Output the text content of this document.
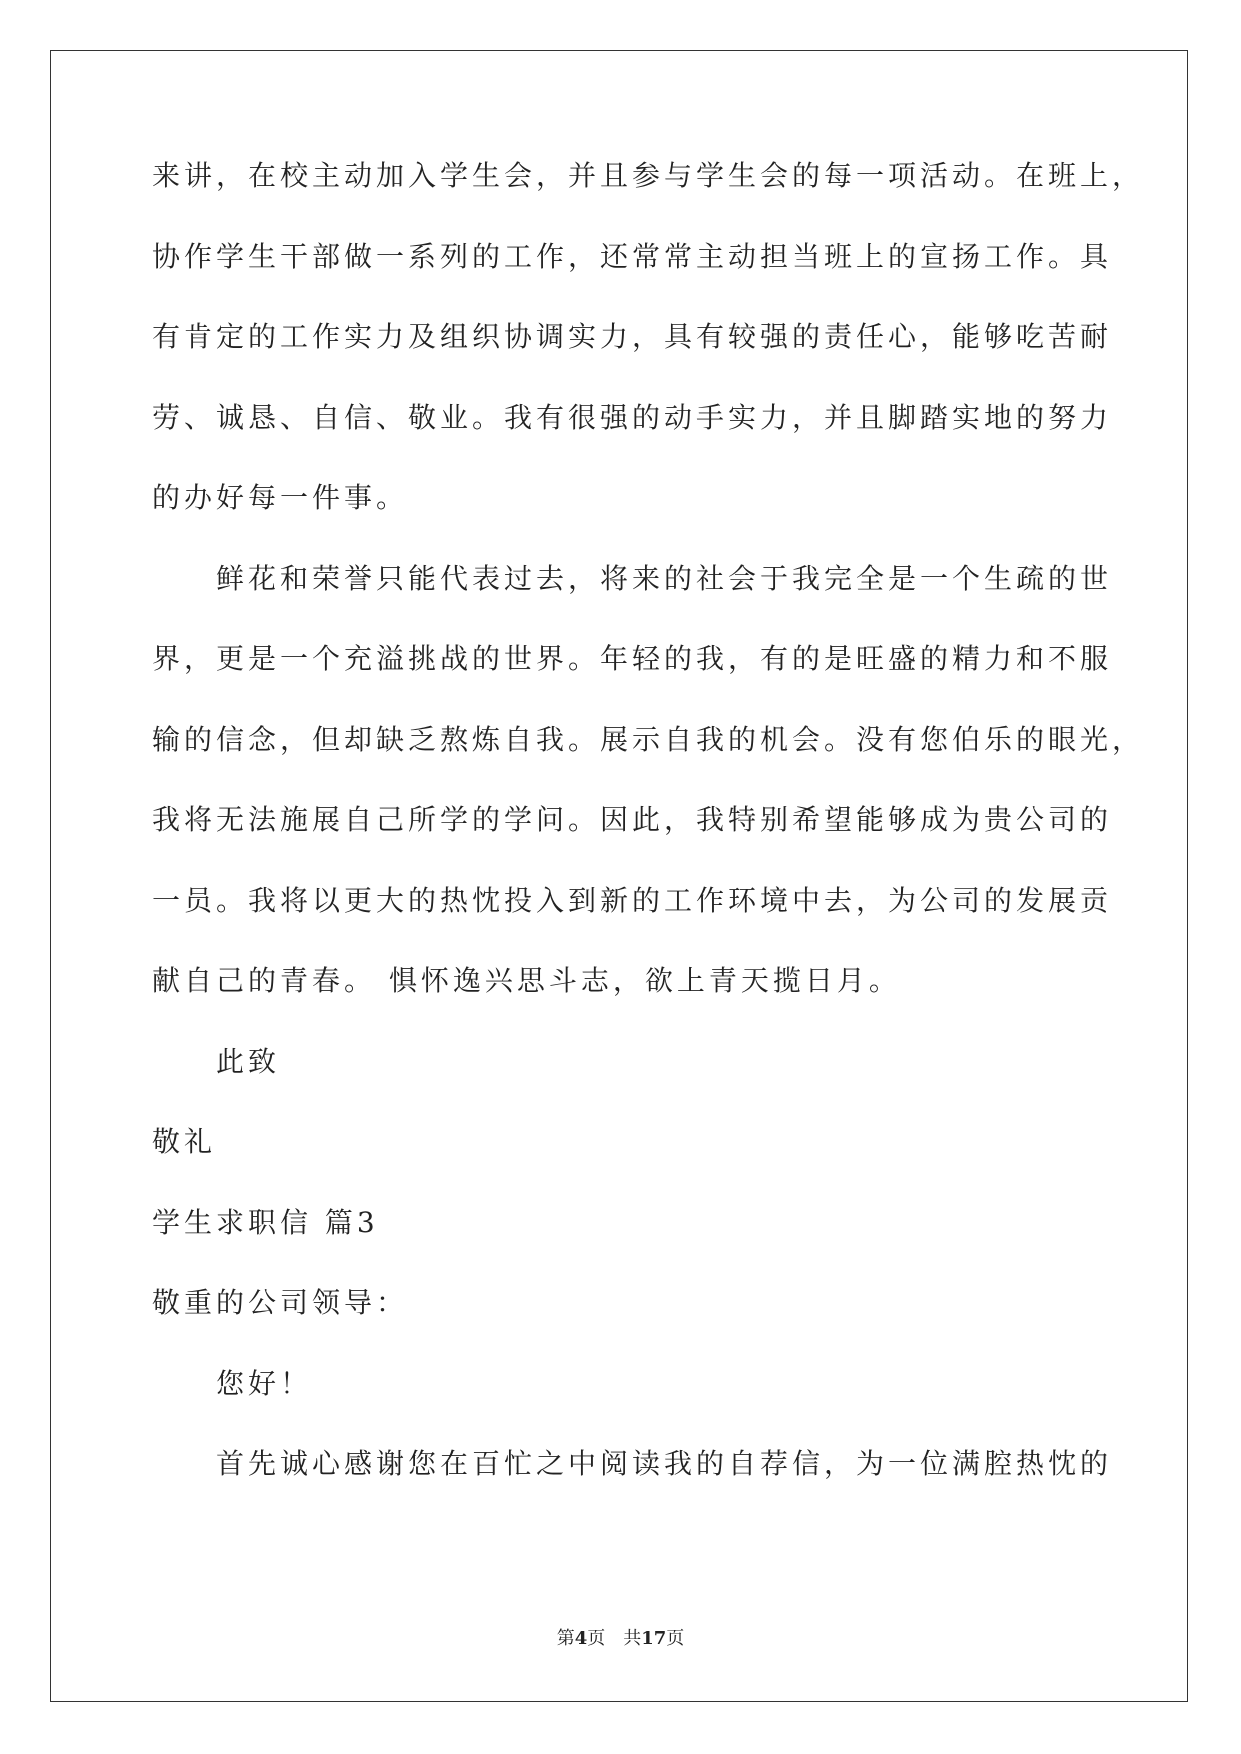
来讲，在校主动加入学生会，并且参与学生会的每一项活动。在班上，
协作学生干部做一系列的工作，还常常主动担当班上的宣扬工作。具
有肯定的工作实力及组织协调实力，具有较强的责任心，能够吃苦耐
劳、诚恳、自信、敬业。我有很强的动手实力，并且脚踏实地的努力
的办好每一件事。
鲜花和荣誉只能代表过去，将来的社会于我完全是一个生疏的世
界，更是一个充溢挑战的世界。年轻的我，有的是旺盛的精力和不服
输的信念，但却缺乏熬炼自我。展示自我的机会。没有您伯乐的眼光，
我将无法施展自己所学的学问。因此，我特别希望能够成为贵公司的
一员。我将以更大的热忱投入到新的工作环境中去，为公司的发展贡
献自己的青春。 惧怀逸兴思斗志，欲上青天揽日月。
此致
敬礼
学生求职信 篇3
敬重的公司领导：
您好！
首先诚心感谢您在百忙之中阅读我的自荐信，为一位满腔热忱的
第4页 共17页
